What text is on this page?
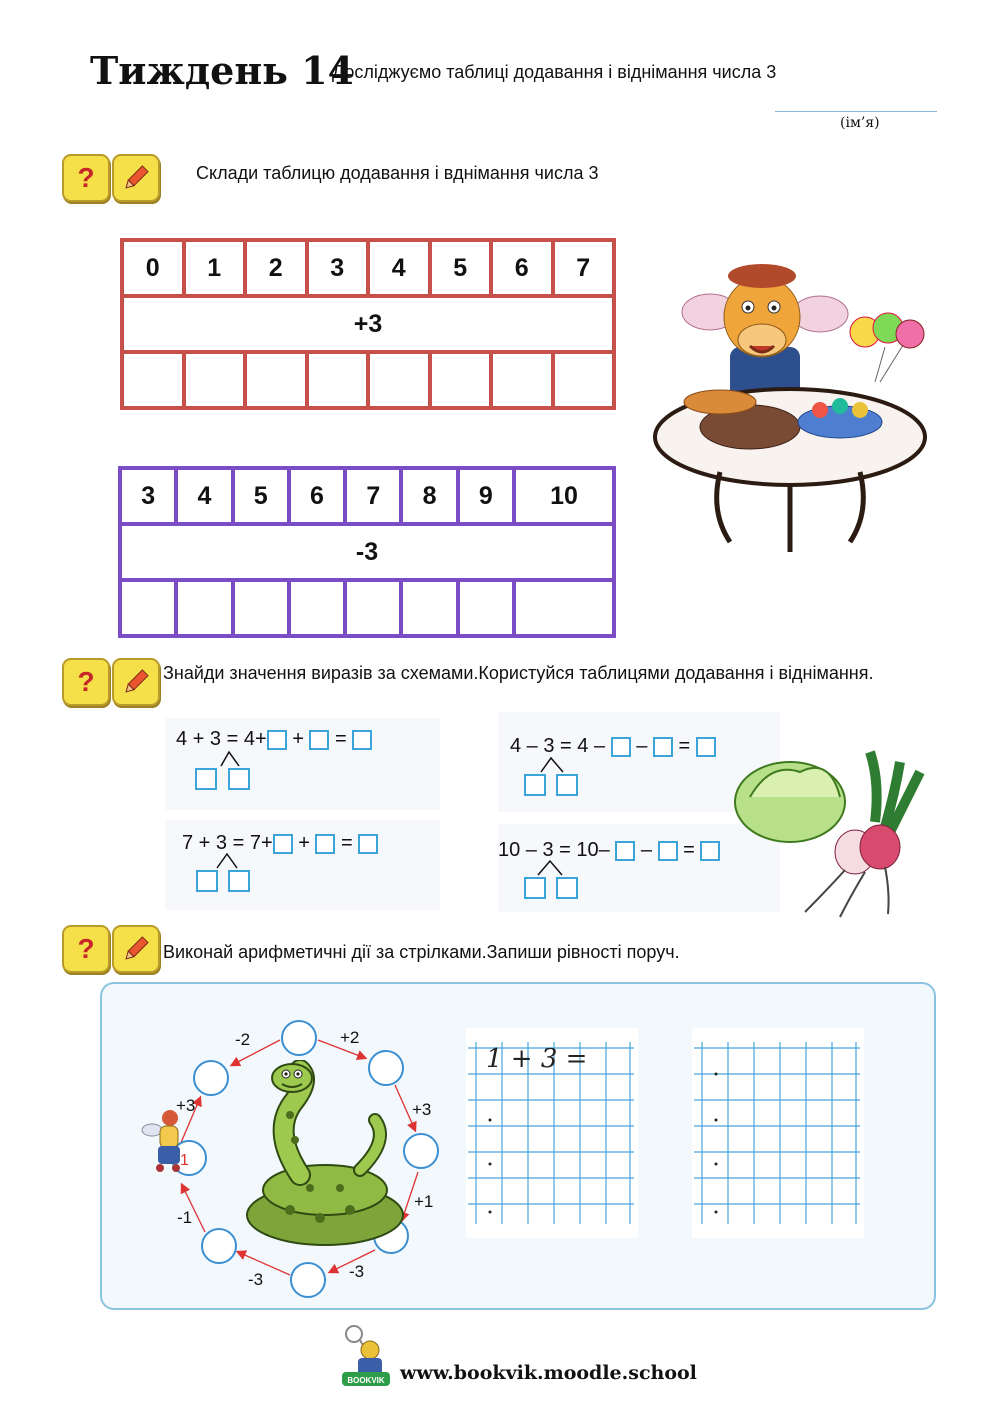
Тиждень 14
Досліджуємо таблиці додавання і віднімання числа 3
(ім’я)
?	Склади таблицю додавання і вднімання числа 3
0	1	2	3	4	5	6	7
+3							

3	4	5	6	7	8	9	10
-3							

?	Знайди значення виразів за схемами.Користуйся таблицями додавання і віднімання.
4 + 3 = 4+ + =	4 – 3 = 4 – – =
7 + 3 = 7+ + =	10 – 3 = 10– – =
?	Виконай арифметичні дії за стрілками.Запиши рівності поруч.
1
-2	+2
+3
+3
+1
-3
-3
-1
1 + 3 =
BOOKVIK www.bookvik.moodle.school
